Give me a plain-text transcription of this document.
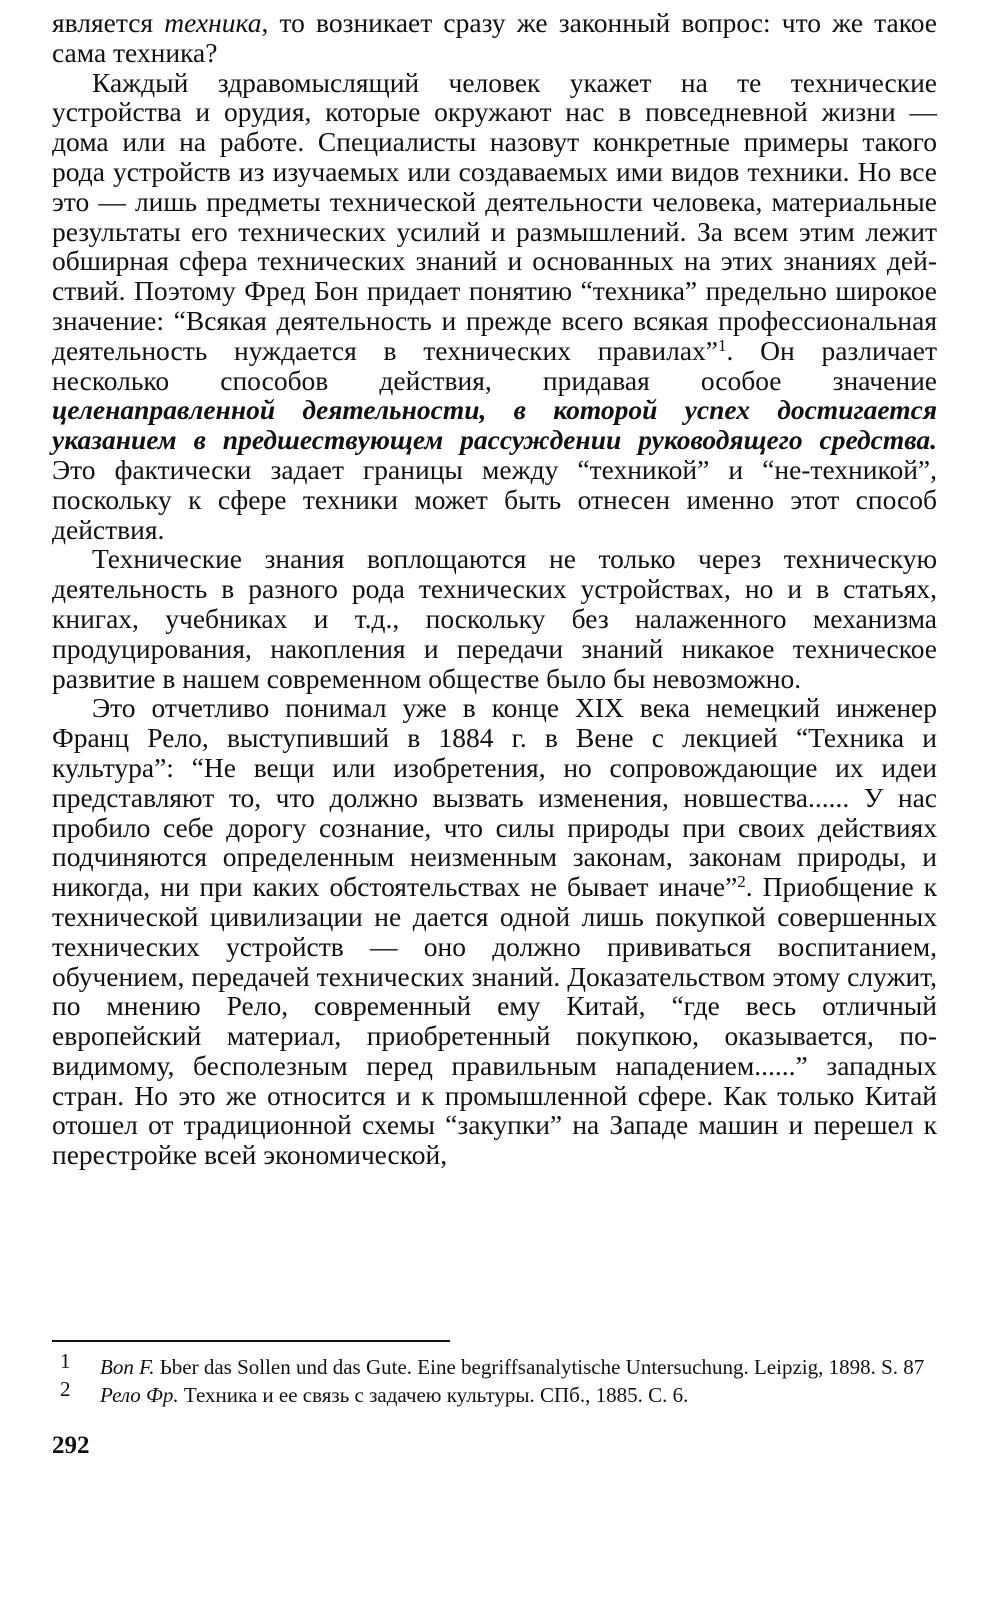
является техника, то возникает сразу же законный вопрос: что же такое сама техника?

Каждый здравомыслящий человек укажет на те технические устройства и орудия, которые окружают нас в повседневной жизни — дома или на работе. Специалисты назовут конкретные примеры такого рода устройств из изучаемых или создаваемых ими видов техники. Но все это — лишь предметы технической деятельности человека, материальные результаты его технических усилий и размышлений. За всем этим лежит обширная сфера технических знаний и основанных на этих знаниях действий. Поэтому Фред Бон придает понятию “техника” предельно широкое значение: “Всякая деятельность и прежде всего всякая профессиональная деятельность нуждается в технических правилах”$^1$. Он различает несколько способов действия, придавая особое значение целенаправленной деятельности, в которой успех достигается указанием в предшествующем рассуждении руководящего средства. Это фактически задает границы между “техникой” и “не-техникой”, поскольку к сфере техники может быть отнесен именно этот способ действия.

Технические знания воплощаются не только через техническую деятельность в разного рода технических устройствах, но и в статьях, книгах, учебниках и т.д., поскольку без налаженного механизма продуцирования, накопления и передачи знаний никакое техническое развитие в нашем современном обществе было бы невозможно.

Это отчетливо понимал уже в конце XIX века немецкий инженер Франц Рело, выступивший в 1884 г. в Вене с лекцией “Техника и культура”: “Не вещи или изобретения, но сопровождающие их идеи представляют то, что должно вызвать изменения, новшества...... У нас пробило себе дорогу сознание, что силы природы при своих действиях подчиняются определенным неизменным законам, законам природы, и никогда, ни при каких обстоятельствах не бывает иначе”$^2$. Приобщение к технической цивилизации не дается одной лишь покупкой совершенных технических устройств — оно должно прививаться воспитанием, обучением, передачей технических знаний. Доказательством этому служит, по мнению Рело, современный ему Китай, “где весь отличный европейский материал, приобретенный покупкою, оказывается, по-видимому, бесполезным перед правильным нападением......” западных стран. Но это же относится и к промышленной сфере. Как только Китай отошел от традиционной схемы “закупки” на Западе машин и перешел к перестройке всей экономической,

1 Bon F. Ьber das Sollen und das Gute. Eine begriffsanalytische Untersuchung. Leipzig, 1898. S. 87

2 Рело Фр. Техника и ее связь с задачею культуры. СПб., 1885. С. 6.

292
